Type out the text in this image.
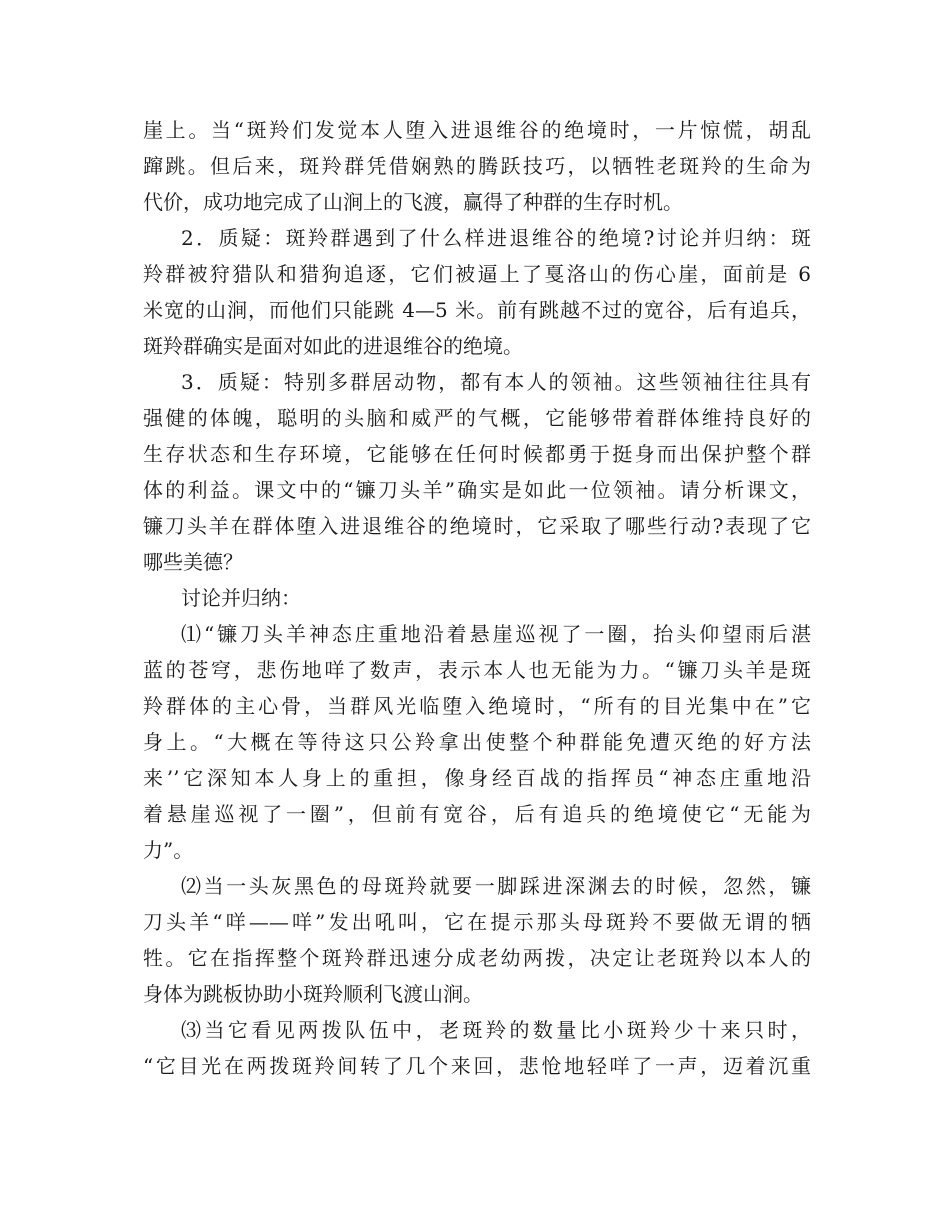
崖上。当“斑羚们发觉本人堕入进退维谷的绝境时，一片惊慌，胡乱
蹿跳。但后来，斑羚群凭借娴熟的腾跃技巧，以牺牲老斑羚的生命为
代价，成功地完成了山涧上的飞渡，赢得了种群的生存时机。
2．质疑：斑羚群遇到了什么样进退维谷的绝境?讨论并归纳：斑
羚群被狩猎队和猎狗追逐，它们被逼上了戛洛山的伤心崖，面前是 6
米宽的山涧，而他们只能跳 4—5 米。前有跳越不过的宽谷，后有追兵，
斑羚群确实是面对如此的进退维谷的绝境。
3．质疑：特别多群居动物，都有本人的领袖。这些领袖往往具有
强健的体魄，聪明的头脑和威严的气概，它能够带着群体维持良好的
生存状态和生存环境，它能够在任何时候都勇于挺身而出保护整个群
体的利益。课文中的“镰刀头羊”确实是如此一位领袖。请分析课文，
镰刀头羊在群体堕入进退维谷的绝境时，它采取了哪些行动?表现了它
哪些美德？
讨论并归纳：
⑴“镰刀头羊神态庄重地沿着悬崖巡视了一圈，抬头仰望雨后湛
蓝的苍穹，悲伤地咩了数声，表示本人也无能为力。“镰刀头羊是斑
羚群体的主心骨，当群风光临堕入绝境时，“所有的目光集中在”它
身上。“大概在等待这只公羚拿出使整个种群能免遭灭绝的好方法
来’’它深知本人身上的重担，像身经百战的指挥员“神态庄重地沿
着悬崖巡视了一圈”，但前有宽谷，后有追兵的绝境使它“无能为
力”。
⑵当一头灰黑色的母斑羚就要一脚踩进深渊去的时候，忽然，镰
刀头羊“咩——咩”发出吼叫，它在提示那头母斑羚不要做无谓的牺
牲。它在指挥整个斑羚群迅速分成老幼两拨，决定让老斑羚以本人的
身体为跳板协助小斑羚顺利飞渡山涧。
⑶当它看见两拨队伍中，老斑羚的数量比小斑羚少十来只时，
“它目光在两拨斑羚间转了几个来回，悲怆地轻咩了一声，迈着沉重
